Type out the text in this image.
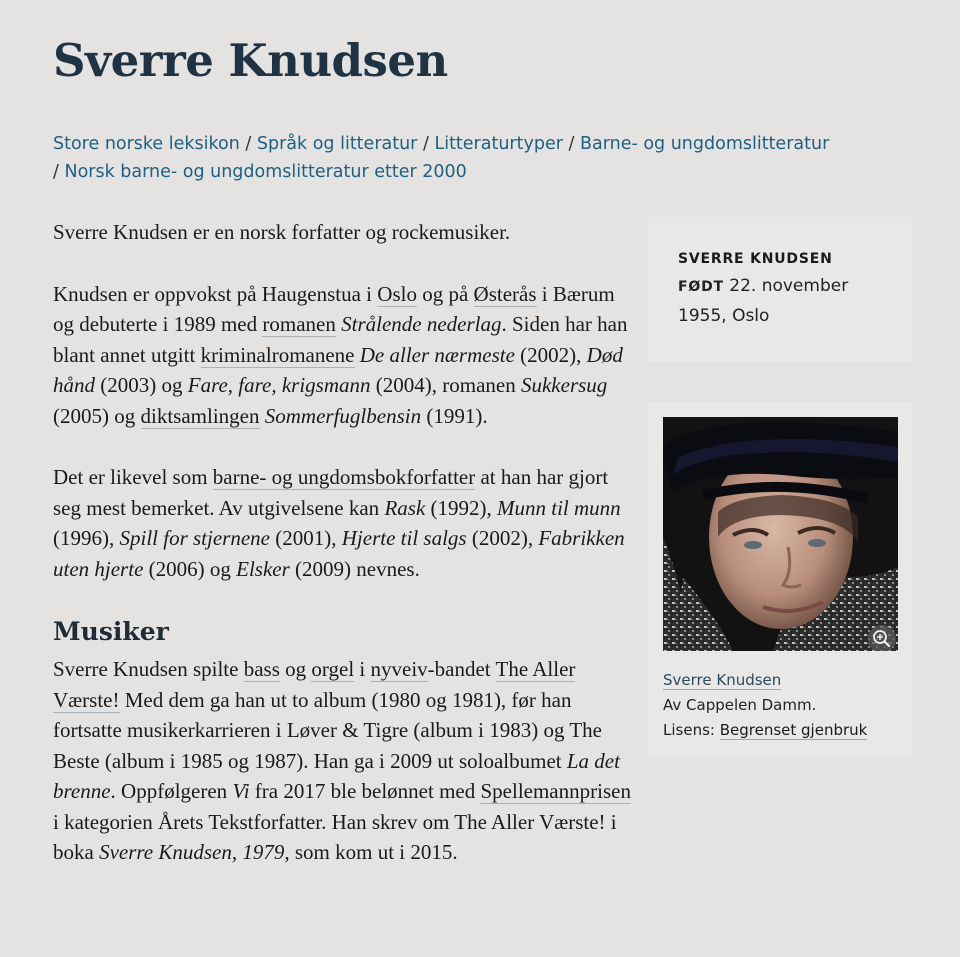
Sverre Knudsen
Store norske leksikon / Språk og litteratur / Litteraturtyper / Barne- og ungdomslitteratur
/ Norsk barne- og ungdomslitteratur etter 2000

Sverre Knudsen er en norsk forfatter og rockemusiker.

Knudsen er oppvokst på Haugenstua i Oslo og på Østerås i Bærum og debuterte i 1989 med romanen Strålende nederlag. Siden har han blant annet utgitt kriminalromanene De aller nærmeste (2002), Død hånd (2003) og Fare, fare, krigsmann (2004), romanen Sukkersug (2005) og diktsamlingen Sommerfuglbensin (1991).

Det er likevel som barne- og ungdomsbokforfatter at han har gjort seg mest bemerket. Av utgivelsene kan Rask (1992), Munn til munn (1996), Spill for stjernene (2001), Hjerte til salgs (2002), Fabrikken uten hjerte (2006) og Elsker (2009) nevnes.

Musiker

Sverre Knudsen spilte bass og orgel i nyveiv-bandet The Aller Værste! Med dem ga han ut to album (1980 og 1981), før han fortsatte musikerkarrieren i Løver & Tigre (album i 1983) og The Beste (album i 1985 og 1987). Han ga i 2009 ut soloalbumet La det brenne. Oppfølgeren Vi fra 2017 ble belønnet med Spellemannprisen i kategorien Årets Tekstforfatter. Han skrev om The Aller Værste! i boka Sverre Knudsen, 1979, som kom ut i 2015.

SVERRE KNUDSEN
FØDT 22. november 1955, Oslo
Sverre Knudsen
Av Cappelen Damm.
Lisens: Begrenset gjenbruk
